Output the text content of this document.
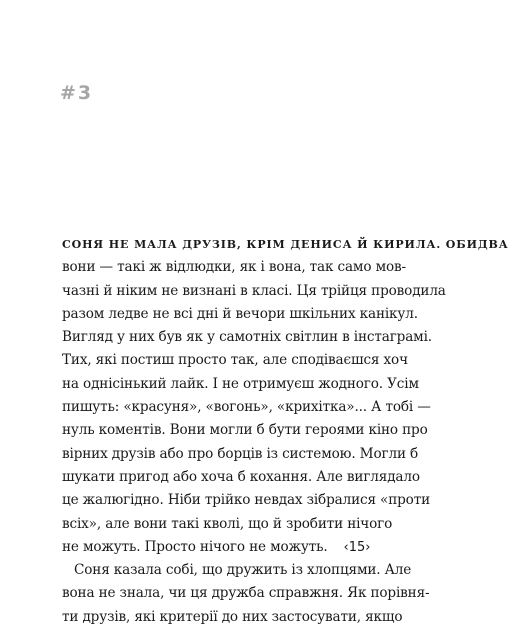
#3

СОНЯ НЕ МАЛА ДРУЗІВ, КРІМ ДЕНИСА Й КИРИЛА. ОБИДВА
вони — такі ж відлюдки, як і вона, так само мов-
чазні й ніким не визнані в класі. Ця трійця проводила
разом ледве не всі дні й вечори шкільних канікул.
Вигляд у них був як у самотніх світлин в інстаграмі.
Тих, які постиш просто так, але сподіваєшся хоч
на однісінький лайк. І не отримуєш жодного. Усім
пишуть: «красуня», «вогонь», «крихітка»... А тобі —
нуль коментів. Вони могли б бути героями кіно про
вірних друзів або про борців із системою. Могли б
шукати пригод або хоча б кохання. Але виглядало
це жалюгідно. Ніби трійко невдах зібралися «проти
всіх», але вони такі кволі, що й зробити нічого
не можуть. Просто нічого не можуть.
Соня казала собі, що дружить із хлопцями. Але
вона не знала, чи ця дружба справжня. Як порівня-
ти друзів, які критерії до них застосувати, якщо

‹15›
